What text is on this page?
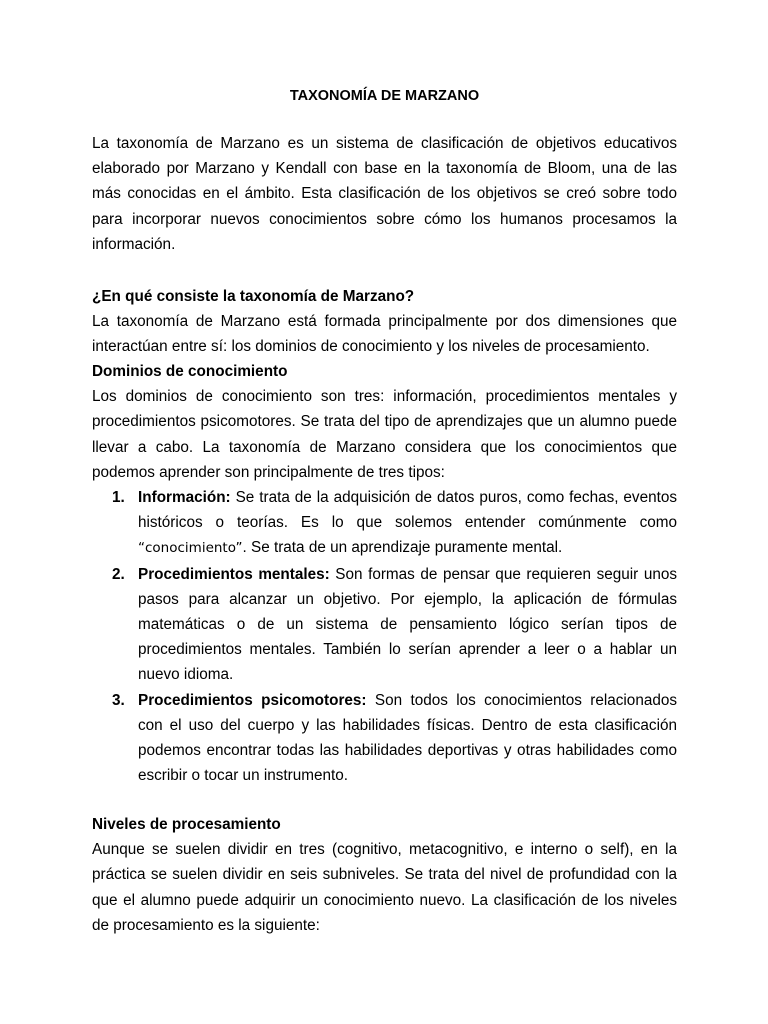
TAXONOMÍA DE MARZANO

La taxonomía de Marzano es un sistema de clasificación de objetivos educativos elaborado por Marzano y Kendall con base en la taxonomía de Bloom, una de las más conocidas en el ámbito. Esta clasificación de los objetivos se creó sobre todo para incorporar nuevos conocimientos sobre cómo los humanos procesamos la información.

¿En qué consiste la taxonomía de Marzano?

La taxonomía de Marzano está formada principalmente por dos dimensiones que interactúan entre sí: los dominios de conocimiento y los niveles de procesamiento.

Dominios de conocimiento

Los dominios de conocimiento son tres: información, procedimientos mentales y procedimientos psicomotores. Se trata del tipo de aprendizajes que un alumno puede llevar a cabo. La taxonomía de Marzano considera que los conocimientos que podemos aprender son principalmente de tres tipos:

1. Información: Se trata de la adquisición de datos puros, como fechas, eventos históricos o teorías. Es lo que solemos entender comúnmente como “conocimiento”. Se trata de un aprendizaje puramente mental.
2. Procedimientos mentales: Son formas de pensar que requieren seguir unos pasos para alcanzar un objetivo. Por ejemplo, la aplicación de fórmulas matemáticas o de un sistema de pensamiento lógico serían tipos de procedimientos mentales. También lo serían aprender a leer o a hablar un nuevo idioma.
3. Procedimientos psicomotores: Son todos los conocimientos relacionados con el uso del cuerpo y las habilidades físicas. Dentro de esta clasificación podemos encontrar todas las habilidades deportivas y otras habilidades como escribir o tocar un instrumento.

Niveles de procesamiento

Aunque se suelen dividir en tres (cognitivo, metacognitivo, e interno o self), en la práctica se suelen dividir en seis subniveles. Se trata del nivel de profundidad con la que el alumno puede adquirir un conocimiento nuevo. La clasificación de los niveles de procesamiento es la siguiente:
